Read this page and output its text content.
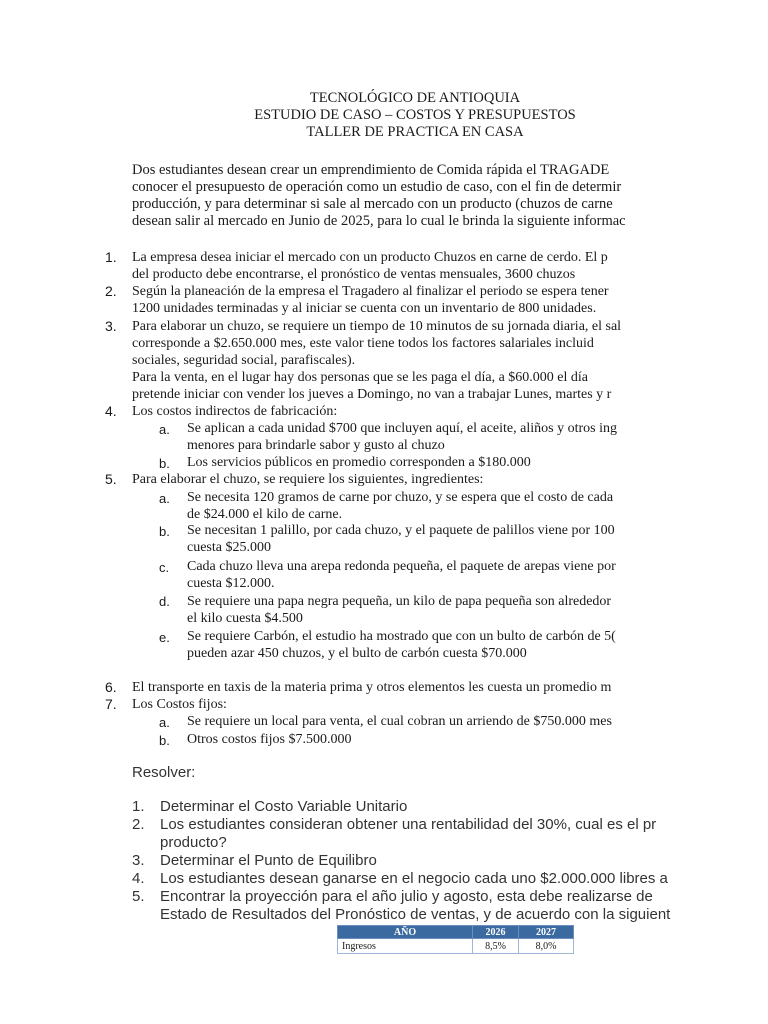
TECNOLÓGICO DE ANTIOQUIA
ESTUDIO DE CASO – COSTOS Y PRESUPUESTOS
TALLER DE PRACTICA EN CASA
Dos estudiantes desean crear un emprendimiento de Comida rápida el TRAGADE
conocer el presupuesto de operación como un estudio de caso, con el fin de determir
producción, y para determinar si sale al mercado con un producto (chuzos de carne
desean salir al mercado en Junio de 2025, para lo cual le brinda la siguiente informac
1. La empresa desea iniciar el mercado con un producto Chuzos en carne de cerdo. El p
del producto debe encontrarse, el pronóstico de ventas mensuales, 3600 chuzos
2. Según la planeación de la empresa el Tragadero al finalizar el periodo se espera tener
1200 unidades terminadas y al iniciar se cuenta con un inventario de 800 unidades.
3. Para elaborar un chuzo, se requiere un tiempo de 10 minutos de su jornada diaria, el sal
corresponde a $2.650.000 mes, este valor tiene todos los factores salariales incluid
sociales, seguridad social, parafiscales).
Para la venta, en el lugar hay dos personas que se les paga el día, a $60.000 el día
pretende iniciar con vender los jueves a Domingo, no van a trabajar Lunes, martes y r
4. Los costos indirectos de fabricación:
a. Se aplican a cada unidad $700 que incluyen aquí, el aceite, aliños y otros ing
menores para brindarle sabor y gusto al chuzo
b. Los servicios públicos en promedio corresponden a $180.000
5. Para elaborar el chuzo, se requiere los siguientes, ingredientes:
a. Se necesita 120 gramos de carne por chuzo, y se espera que el costo de cada
de $24.000 el kilo de carne.
b. Se necesitan 1 palillo, por cada chuzo, y el paquete de palillos viene por 100
cuesta $25.000
c. Cada chuzo lleva una arepa redonda pequeña, el paquete de arepas viene por
cuesta $12.000.
d. Se requiere una papa negra pequeña, un kilo de papa pequeña son alrededor
el kilo cuesta $4.500
e. Se requiere Carbón, el estudio ha mostrado que con un bulto de carbón de 5(
pueden azar 450 chuzos, y el bulto de carbón cuesta $70.000
6. El transporte en taxis de la materia prima y otros elementos les cuesta un promedio m
7. Los Costos fijos:
a. Se requiere un local para venta, el cual cobran un arriendo de $750.000 mes
b. Otros costos fijos $7.500.000
Resolver:
1. Determinar el Costo Variable Unitario
2. Los estudiantes consideran obtener una rentabilidad del 30%, cual es el pr
producto?
3. Determinar el Punto de Equilibro
4. Los estudiantes desean ganarse en el negocio cada uno $2.000.000 libres a
5. Encontrar la proyección para el año julio y agosto, esta debe realizarse de
Estado de Resultados del Pronóstico de ventas, y de acuerdo con la siguient
AÑO	2026	2027
Ingresos	8,5%	8,0%
